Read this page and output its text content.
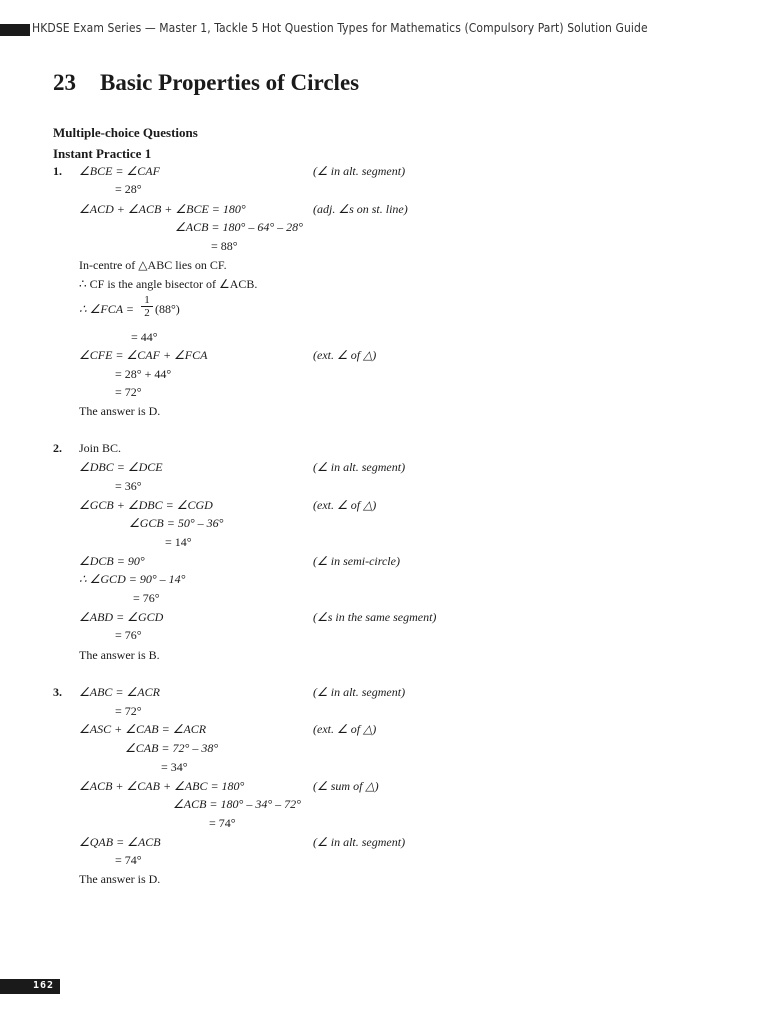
HKDSE Exam Series — Master 1, Tackle 5 Hot Question Types for Mathematics (Compulsory Part) Solution Guide
23 Basic Properties of Circles
Multiple-choice Questions
Instant Practice 1
1. ∠BCE = ∠CAF	(∠ in alt. segment)
= 28°
∠ACD + ∠ACB + ∠BCE = 180°	(adj. ∠s on st. line)
∠ACB = 180° – 64° – 28°
= 88°
In-centre of △ABC lies on CF.
∴ CF is the angle bisector of ∠ACB.
∴ ∠FCA = $\frac{1}{2} (88^\circ)$
= 44°
∠CFE = ∠CAF + ∠FCA	(ext. ∠ of △)
= 28° + 44°
= 72°
The answer is D.
2. Join BC.
∠DBC = ∠DCE	(∠ in alt. segment)
= 36°
∠GCB + ∠DBC = ∠CGD	(ext. ∠ of △)
∠GCB = 50° – 36°
= 14°
∠DCB = 90°	(∠ in semi-circle)
∴ ∠GCD = 90° – 14°
= 76°
∠ABD = ∠GCD	(∠s in the same segment)
= 76°
The answer is B.
3. ∠ABC = ∠ACR	(∠ in alt. segment)
= 72°
∠ASC + ∠CAB = ∠ACR	(ext. ∠ of △)
∠CAB = 72° – 38°
= 34°
∠ACB + ∠CAB + ∠ABC = 180°	(∠ sum of △)
∠ACB = 180° – 34° – 72°
= 74°
∠QAB = ∠ACB	(∠ in alt. segment)
= 74°
The answer is D.
162
